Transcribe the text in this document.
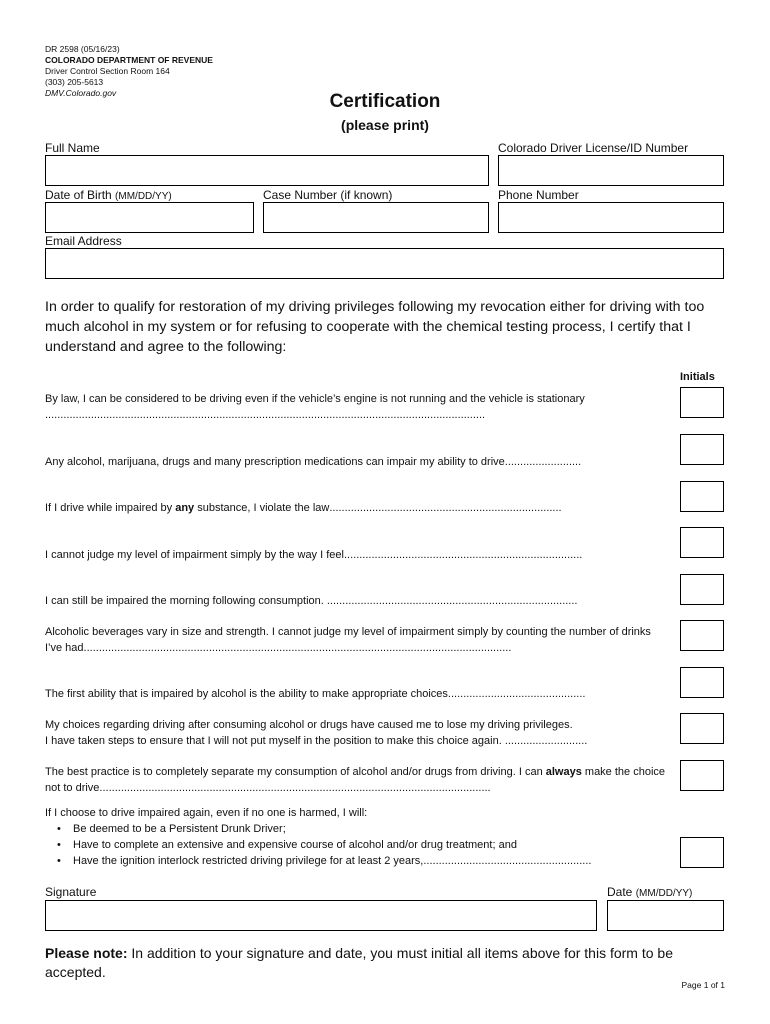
DR 2598 (05/16/23)
COLORADO DEPARTMENT OF REVENUE
Driver Control Section Room 164
(303) 205-5613
DMV.Colorado.gov	Certification
(please print)
Full Name	Colorado Driver License/ID Number
Date of Birth (MM/DD/YY)	Case Number (if known)	Phone Number
Email Address
In order to qualify for restoration of my driving privileges following my revocation either for driving with too much alcohol in my system or for refusing to cooperate with the chemical testing process, I certify that I understand and agree to the following:
Initials
By law, I can be considered to be driving even if the vehicle’s engine is not running and the vehicle is stationary................................................................................................................................................
Any alcohol, marijuana, drugs and many prescription medications can impair my ability to drive.........................
If I drive while impaired by any substance, I violate the law............................................................................
I cannot judge my level of impairment simply by the way I feel..............................................................................
I can still be impaired the morning following consumption. ..................................................................................
Alcoholic beverages vary in size and strength. I cannot judge my level of impairment simply by counting the number of drinks I’ve had............................................................................................................................................
The first ability that is impaired by alcohol is the ability to make appropriate choices.............................................
My choices regarding driving after consuming alcohol or drugs have caused me to lose my driving privileges.
I have taken steps to ensure that I will not put myself in the position to make this choice again. ...........................
The best practice is to completely separate my consumption of alcohol and/or drugs from driving. I can always make the choice not to drive................................................................................................................................
If I choose to drive impaired again, even if no one is harmed, I will:
• Be deemed to be a Persistent Drunk Driver;
• Have to complete an extensive and expensive course of alcohol and/or drug treatment; and
• Have the ignition interlock restricted driving privilege for at least 2 years,.......................................................
Signature	Date (MM/DD/YY)
Please note: In addition to your signature and date, you must initial all items above for this form to be accepted.
Page 1 of 1
